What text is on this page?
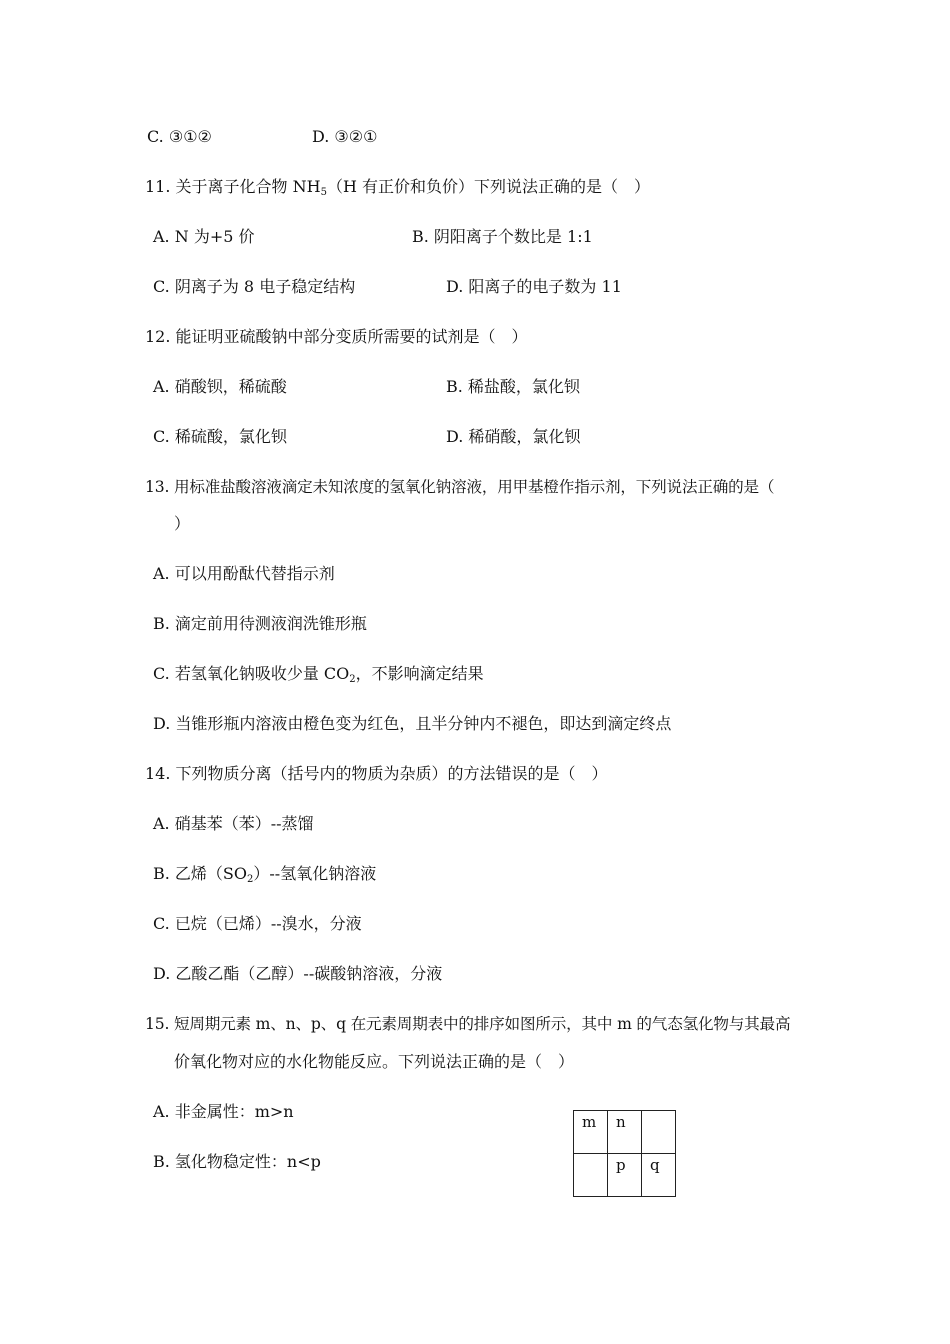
C. ③①②	D. ③②①
11. 关于离子化合物 $NH_5(H$ 有正价和负价）下列说法正确的是（　）
A. N 为+5 价	B. 阴阳离子个数比是 1:1
C. 阴离子为 8 电子稳定结构	D. 阳离子的电子数为 11
12. 能证明亚硫酸钠中部分变质所需要的试剂是（　）
A. 硝酸钡，稀硫酸	B. 稀盐酸，氯化钡
C. 稀硫酸，氯化钡	D. 稀硝酸，氯化钡
13. 用标准盐酸溶液滴定未知浓度的氢氧化钠溶液，用甲基橙作指示剂，下列说法正确的是（
）
A. 可以用酚酞代替指示剂
B. 滴定前用待测液润洗锥形瓶
C. 若氢氧化钠吸收少量 $CO_2$，不影响滴定结果
D. 当锥形瓶内溶液由橙色变为红色，且半分钟内不褪色，即达到滴定终点
14. 下列物质分离（括号内的物质为杂质）的方法错误的是（　）
A. 硝基苯（苯）--蒸馏
B. 乙烯$(SO_2)--$氢氧化钠溶液
C. 已烷（已烯）--溴水，分液
D. 乙酸乙酯（乙醇）--碳酸钠溶液，分液
15. 短周期元素 m、n、p、q 在元素周期表中的排序如图所示，其中 m 的气态氢化物与其最高
价氧化物对应的水化物能反应。下列说法正确的是（　）
A. 非金属性：m>n
B. 氢化物稳定性：n<p
m	n	
	p	q
